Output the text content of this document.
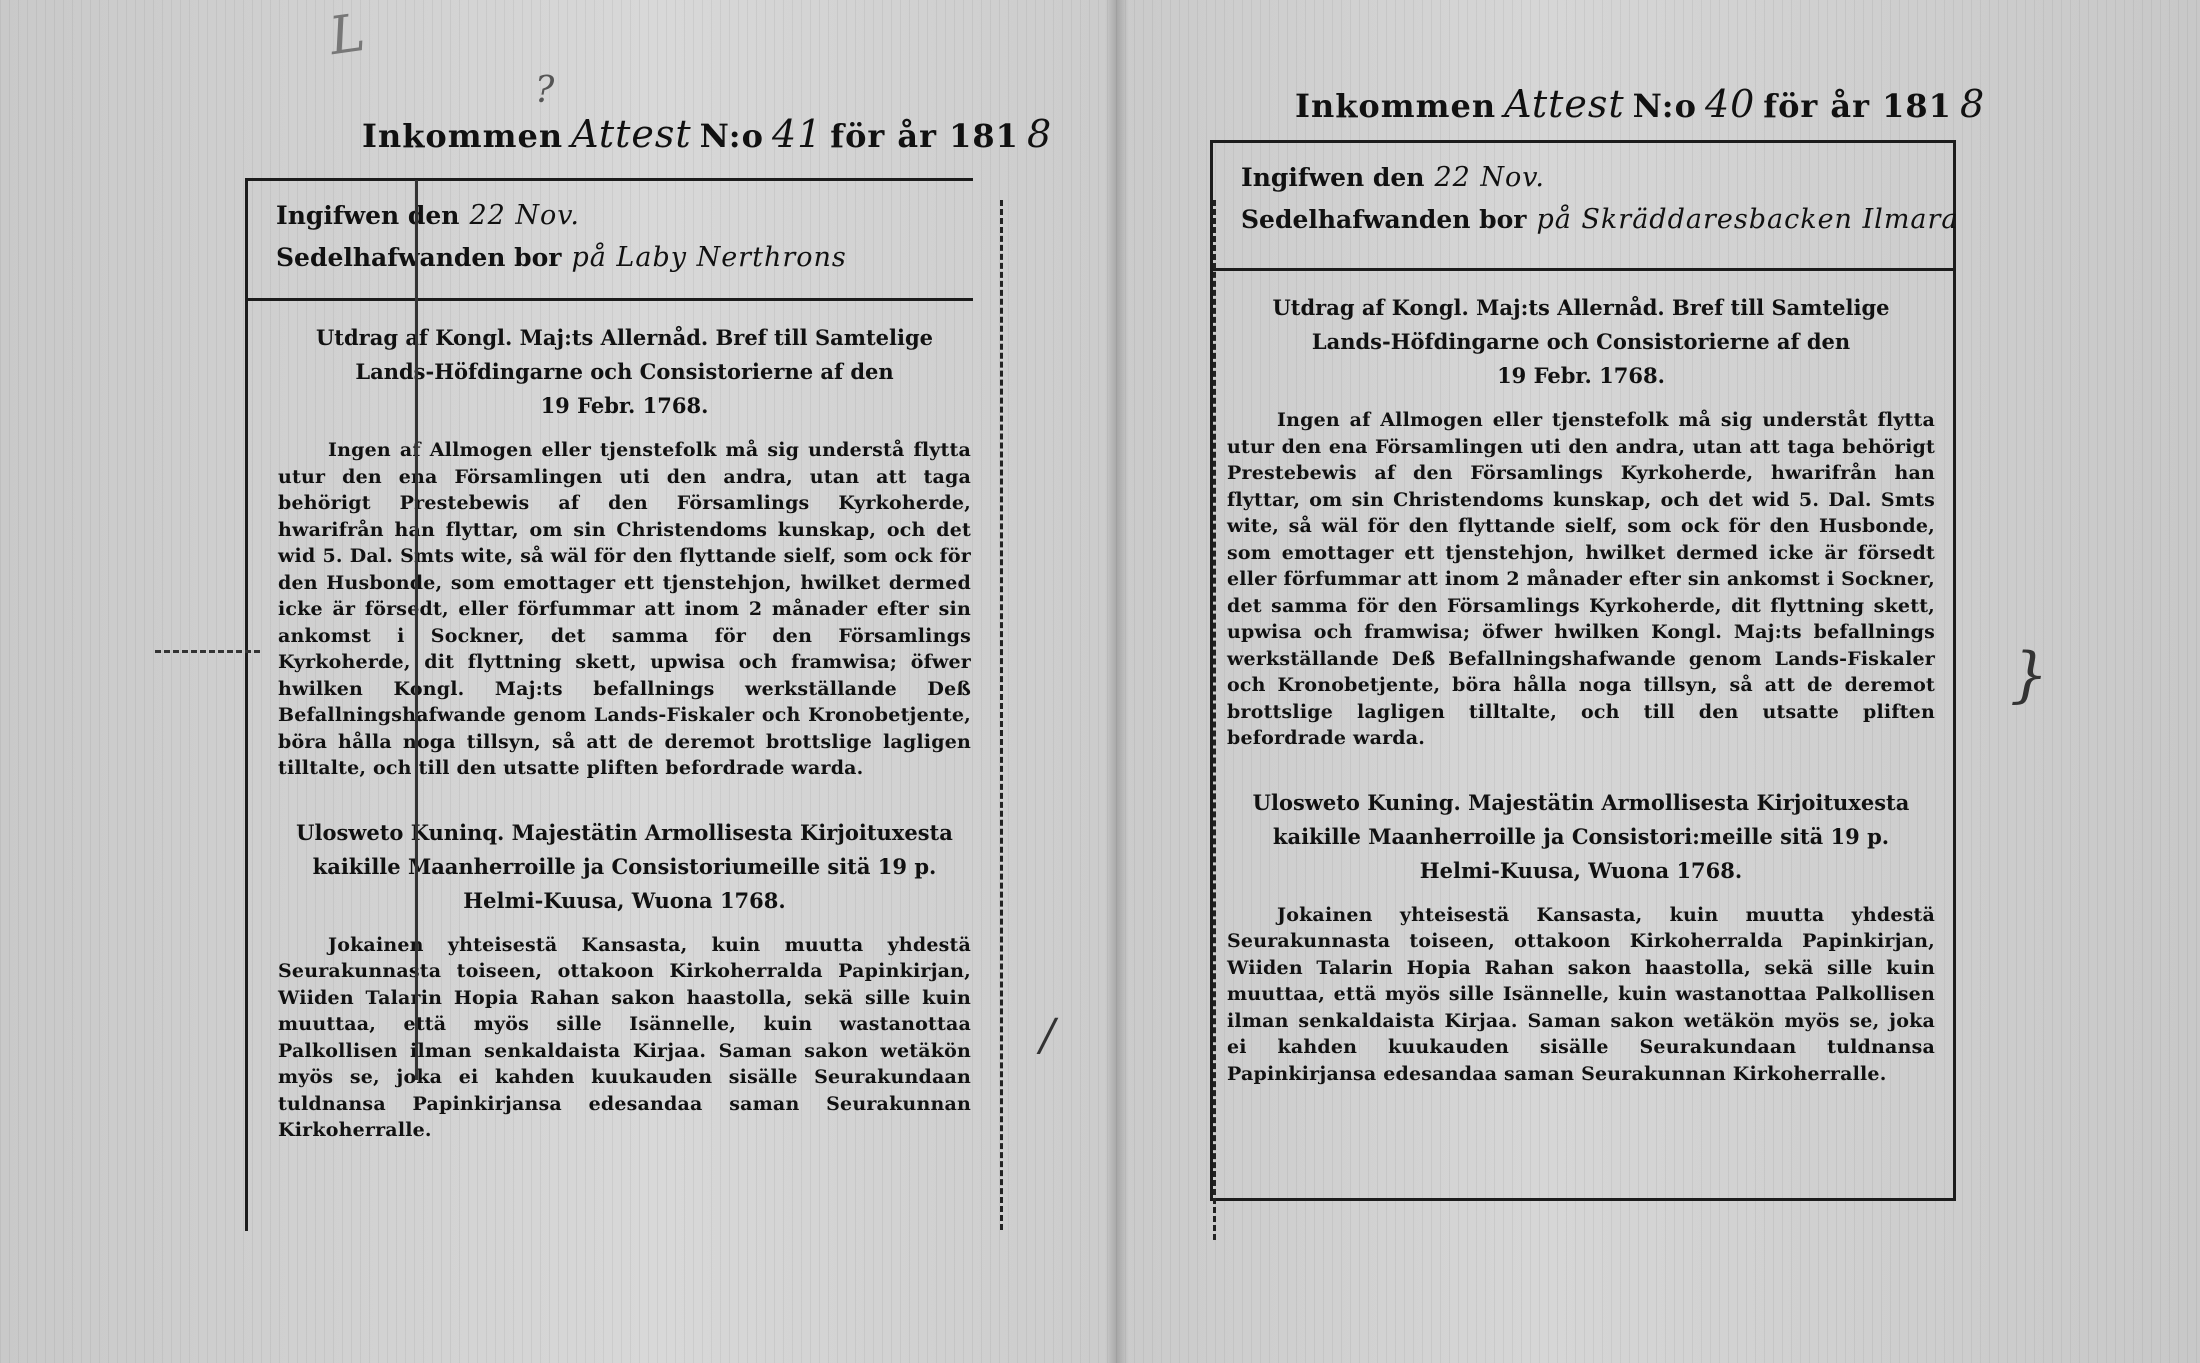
L
?
Inkommen Attest N:o 41 för år 181 8
Ingifwen den 22 Nov.
Sedelhafwanden bor på Laby Nerthrons
Utdrag af Kongl. Maj:ts Allernåd. Bref till Samtelige
Lands-Höfdingarne och Consistorierne af den
19 Febr. 1768.

Ingen af Allmogen eller tjenstefolk må sig understå flytta utur den ena Församlingen uti den andra, utan att taga behörigt Prestebewis af den Församlings Kyrkoherde, hwarifrån han flyttar, om sin Christendoms kunskap, och det wid 5. Dal. Smts wite, så wäl för den flyttande sielf, som ock för den Husbonde, som emottager ett tjenstehjon, hwilket dermed icke är försedt, eller förfummar att inom 2 månader efter sin ankomst i Sockner, det samma för den Församlings Kyrkoherde, dit flyttning skett, upwisa och framwisa; öfwer hwilken Kongl. Maj:ts befallnings werkställande Deß Befallningshafwande genom Lands-Fiskaler och Kronobetjente, böra hålla noga tillsyn, så att de deremot brottslige lagligen tilltalte, och till den utsatte pliften befordrade warda.

Ulosweto Kuninq. Majestätin Armollisesta Kirjoituxesta
kaikille Maanherroille ja Consistoriumeille sitä 19 p.
Helmi-Kuusa, Wuona 1768.

Jokainen yhteisestä Kansasta, kuin muutta yhdestä Seurakunnasta toiseen, ottakoon Kirkoherralda Papinkirjan, Wiiden Talarin Hopia Rahan sakon haastolla, sekä sille kuin muuttaa, että myös sille Isännelle, kuin wastanottaa Palkollisen ilman senkaldaista Kirjaa. Saman sakon wetäkön myös se, joka ei kahden kuukauden sisälle Seurakundaan tuldnansa Papinkirjansa edesandaa saman Seurakunnan Kirkoherralle.

Inkommen Attest N:o 40 för år 181 8
Ingifwen den 22 Nov.
Sedelhafwanden bor på Skräddaresbacken Ilmara
Utdrag af Kongl. Maj:ts Allernåd. Bref till Samtelige
Lands-Höfdingarne och Consistorierne af den
19 Febr. 1768.

Ingen af Allmogen eller tjenstefolk må sig underståt flytta utur den ena Församlingen uti den andra, utan att taga behörigt Prestebewis af den Församlings Kyrkoherde, hwarifrån han flyttar, om sin Christendoms kunskap, och det wid 5. Dal. Smts wite, så wäl för den flyttande sielf, som ock för den Husbonde, som emottager ett tjenstehjon, hwilket dermed icke är försedt eller förfummar att inom 2 månader efter sin ankomst i Sockner, det samma för den Församlings Kyrkoherde, dit flyttning skett, upwisa och framwisa; öfwer hwilken Kongl. Maj:ts befallnings werkställande Deß Befallningshafwande genom Lands-Fiskaler och Kronobetjente, böra hålla noga tillsyn, så att de deremot brottslige lagligen tilltalte, och till den utsatte pliften befordrade warda.

Ulosweto Kuning. Majestätin Armollisesta Kirjoituxesta
kaikille Maanherroille ja Consistori:meille sitä 19 p.
Helmi-Kuusa, Wuona 1768.

Jokainen yhteisestä Kansasta, kuin muutta yhdestä Seurakunnasta toiseen, ottakoon Kirkoherralda Papinkirjan, Wiiden Talarin Hopia Rahan sakon haastolla, sekä sille kuin muuttaa, että myös sille Isännelle, kuin wastanottaa Palkollisen ilman senkaldaista Kirjaa. Saman sakon wetäkön myös se, joka ei kahden kuukauden sisälle Seurakundaan tuldnansa Papinkirjansa edesandaa saman Seurakunnan Kirkoherralle.

}
/
